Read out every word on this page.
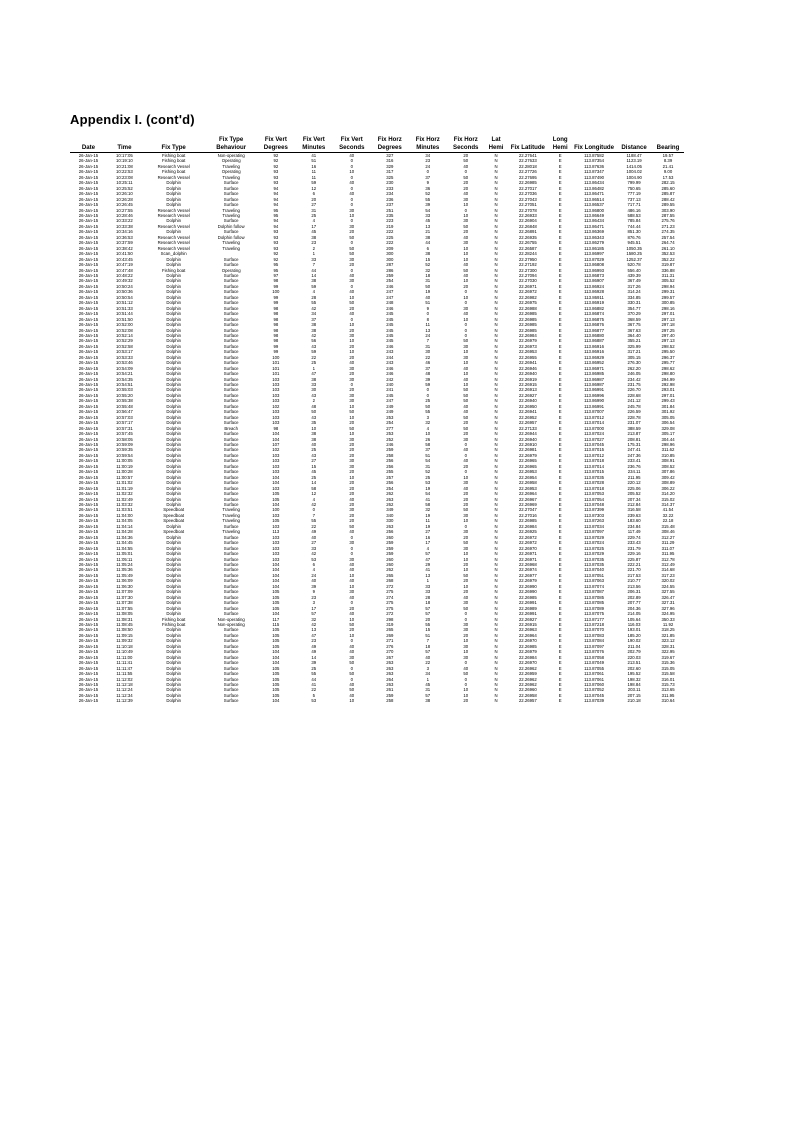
Appendix I. (cont'd)
Date	Time	Fix Type	Fix Type Behaviour	Fix Vert Degrees	Fix Vert Minutes	Fix Vert Seconds	Fix Horz Degrees	Fix Horz Minutes	Fix Horz Seconds	Lat Hemi	Fix Latitude	Long Hemi	Fix Longitude	Distance	Bearing
26-Jan-15	10:17:05	Fishing boat	Non-operating	92	41	40	327	34	20	N	22.27641	E	113.87582	1188.47	19.57
26-Jan-15	10:19:10	Fishing boat	Operating	92	51	0	316	23	50	N	22.27633	E	113.87354	1123.19	8.39
26-Jan-15	10:21:08	Research Vessel	Traveling	92	16	0	329	24	40	N	22.28018	E	113.87636	1414.05	21.41
26-Jan-15	10:22:53	Fishing boat	Operating	93	11	10	317	0	0	N	22.27726	E	113.87347	1004.02	9.00
26-Jan-15	10:23:08	Research Vessel	Traveling	93	11	0	325	37	50	N	22.27695	E	113.87490	1004.90	17.53
26-Jan-15	10:25:11	Dolphin	Surface	93	59	40	230	9	20	N	22.26985	E	113.86434	799.99	282.15
26-Jan-15	10:25:52	Dolphin	Surface	94	12	0	233	36	20	N	22.27017	E	113.86482	750.65	285.60
26-Jan-15	10:26:10	Dolphin	Surface	94	6	40	234	52	40	N	22.27036	E	113.86471	777.19	285.87
26-Jan-15	10:26:28	Dolphin	Surface	94	20	0	236	55	30	N	22.27043	E	113.86514	737.13	288.42
26-Jan-15	10:26:45	Dolphin	Surface	94	27	0	237	39	10	N	22.27051	E	113.86537	717.71	289.55
26-Jan-15	10:27:55	Research Vessel	Traveling	95	31	30	251	54	0	N	22.27078	E	113.86800	486.16	303.90
26-Jan-15	10:28:46	Research Vessel	Traveling	95	25	10	235	33	10	N	22.26933	E	113.86649	588.53	287.55
26-Jan-15	10:33:22	Dolphin	Surface	94	4	0	223	45	30	N	22.26904	E	113.86434	785.84	275.76
26-Jan-15	10:33:38	Research Vessel	Dolphin follow	94	17	30	219	13	50	N	22.26848	E	113.86471	744.44	271.23
26-Jan-15	10:34:16	Dolphin	Surface	93	45	20	222	21	20	N	22.26891	E	113.86369	851.30	274.35
26-Jan-15	10:36:53	Research Vessel	Dolphin follow	93	38	50	225	38	40	N	22.26935	E	113.86343	876.76	257.54
26-Jan-15	10:37:59	Research Vessel	Traveling	93	23	0	222	44	30	N	22.26755	E	113.86279	945.51	264.74
26-Jan-15	10:38:42	Research Vessel	Traveling	93	2	50	209	6	10	N	22.26587	E	113.86185	1050.35	261.10
26-Jan-15	10:41:50	Scan_dolphin		92	1	50	300	38	10	N	22.28244	E	113.86997	1580.25	352.53
26-Jan-15	10:43:45	Dolphin	Surface	92	33	30	300	15	10	N	22.27950	E	113.87029	1252.37	352.22
26-Jan-15	10:47:19	Dolphin	Surface	95	7	20	287	52	40	N	22.27192	E	113.86808	520.78	319.87
26-Jan-15	10:47:48	Fishing boat	Operating	95	44	0	286	32	50	N	22.27300	E	113.86993	556.40	336.88
26-Jan-15	10:48:22	Dolphin	Surface	97	14	40	259	18	40	N	22.27094	E	113.86873	439.39	311.31
26-Jan-15	10:49:32	Dolphin	Surface	98	38	30	254	31	10	N	22.27030	E	113.86907	367.49	305.52
26-Jan-15	10:50:24	Dolphin	Surface	99	59	0	246	50	20	N	22.26971	E	113.86924	317.26	298.94
26-Jan-15	10:50:36	Dolphin	Surface	100	4	40	247	19	0	N	22.26972	E	113.86928	314.24	299.31
26-Jan-15	10:50:54	Dolphin	Surface	99	28	10	247	40	10	N	22.26982	E	113.86911	334.85	299.57
26-Jan-15	10:51:12	Dolphin	Surface	99	55	50	248	51	0	N	22.26975	E	113.86919	330.31	300.85
26-Jan-15	10:51:33	Dolphin	Surface	98	42	20	246	9	30	N	22.26988	E	113.86882	354.77	298.16
26-Jan-15	10:51:44	Dolphin	Surface	98	34	40	245	0	40	N	22.26985	E	113.86874	370.29	297.01
26-Jan-15	10:51:50	Dolphin	Surface	98	37	0	245	8	10	N	22.26985	E	113.86875	368.59	297.13
26-Jan-15	10:52:00	Dolphin	Surface	98	38	10	245	11	0	N	22.26985	E	113.86876	367.75	297.18
26-Jan-15	10:52:08	Dolphin	Surface	98	38	20	245	13	0	N	22.26985	E	113.86877	367.63	297.25
26-Jan-15	10:52:14	Dolphin	Surface	98	42	30	245	24	0	N	22.26984	E	113.86880	364.40	297.40
26-Jan-15	10:52:29	Dolphin	Surface	98	56	10	245	7	50	N	22.26979	E	113.86887	355.21	297.13
26-Jan-15	10:52:58	Dolphin	Surface	99	43	20	246	31	30	N	22.26973	E	113.86916	325.99	298.52
26-Jan-15	10:53:17	Dolphin	Surface	99	59	10	243	30	10	N	22.26953	E	113.86916	317.21	295.50
26-Jan-15	10:53:33	Dolphin	Surface	100	22	20	244	22	30	N	22.26955	E	113.86929	305.15	296.37
26-Jan-15	10:53:46	Dolphin	Surface	101	25	40	243	46	10	N	22.26941	E	113.86952	276.30	295.77
26-Jan-15	10:54:09	Dolphin	Surface	101	1	30	246	37	40	N	22.26946	E	113.86971	262.20	298.62
26-Jan-15	10:54:21	Dolphin	Surface	101	47	20	246	48	10	N	22.26940	E	113.86985	246.05	298.80
26-Jan-15	10:54:35	Dolphin	Surface	103	38	30	242	39	40	N	22.26919	E	113.86987	234.42	294.99
26-Jan-15	10:54:51	Dolphin	Surface	103	33	0	240	59	10	N	22.26915	E	113.86987	231.75	292.98
26-Jan-15	10:55:03	Dolphin	Surface	103	30	20	241	0	50	N	22.26913	E	113.86991	226.70	293.01
26-Jan-15	10:55:20	Dolphin	Surface	103	43	30	245	0	50	N	22.26927	E	113.86996	228.68	297.01
26-Jan-15	10:55:38	Dolphin	Surface	103	2	30	247	25	50	N	22.26940	E	113.86990	241.12	299.43
26-Jan-15	10:55:48	Dolphin	Surface	102	48	10	249	50	40	N	22.26950	E	113.86991	245.78	301.84
26-Jan-15	10:56:47	Dolphin	Surface	103	50	50	249	55	40	N	22.26941	E	113.87007	226.59	301.92
26-Jan-15	10:57:03	Dolphin	Surface	103	43	10	253	3	50	N	22.26952	E	113.87012	228.78	305.05
26-Jan-15	10:57:17	Dolphin	Surface	103	35	20	254	32	20	N	22.26957	E	113.87014	231.07	306.54
26-Jan-15	10:57:31	Dolphin	Breach	98	10	50	277	4	50	N	22.27133	E	113.87000	388.59	329.08
26-Jan-15	10:57:45	Dolphin	Surface	104	38	10	253	10	20	N	22.26944	E	113.87024	213.87	305.17
26-Jan-15	10:58:05	Dolphin	Surface	104	38	30	252	26	30	N	22.26940	E	113.87027	208.81	304.44
26-Jan-15	10:59:09	Dolphin	Surface	107	40	20	246	58	0	N	22.26910	E	113.87045	175.31	298.96
26-Jan-15	10:59:35	Dolphin	Surface	102	25	20	259	37	40	N	22.26981	E	113.87015	247.41	311.62
26-Jan-15	10:59:54	Dolphin	Surface	103	43	20	258	51	0	N	22.26979	E	113.87012	247.36	310.85
26-Jan-15	11:00:05	Dolphin	Surface	103	27	30	256	54	40	N	22.26965	E	113.87018	233.41	308.91
26-Jan-15	11:00:19	Dolphin	Surface	103	15	30	256	31	20	N	22.26965	E	113.87014	236.76	308.52
26-Jan-15	11:00:28	Dolphin	Surface	103	45	20	255	52	0	N	22.26953	E	113.87015	234.11	307.86
26-Jan-15	11:00:57	Dolphin	Surface	104	25	10	257	25	10	N	22.26954	E	113.87035	211.95	309.42
26-Jan-15	11:01:02	Dolphin	Surface	104	14	20	256	53	30	N	22.26958	E	113.87028	220.12	308.89
26-Jan-15	11:01:19	Dolphin	Surface	103	58	20	254	19	40	N	22.26953	E	113.87018	225.06	306.22
26-Jan-15	11:02:32	Dolphin	Surface	105	12	20	262	54	20	N	22.26964	E	113.87053	205.52	314.20
26-Jan-15	11:02:49	Dolphin	Surface	105	4	40	263	41	20	N	22.26967	E	113.87054	207.34	315.02
26-Jan-15	11:03:32	Dolphin	Surface	104	42	20	262	58	20	N	22.26969	E	113.87048	212.84	314.37
26-Jan-15	11:03:51	Speedboat	Traveling	100	0	30	349	32	50	N	22.27047	E	113.87399	316.58	41.54
26-Jan-15	11:04:00	Speedboat	Traveling	103	7	20	340	19	30	N	22.27016	E	113.87303	239.63	32.22
26-Jan-15	11:04:05	Speedboat	Traveling	105	55	20	330	11	10	N	22.26985	E	113.87263	183.60	22.18
26-Jan-15	11:04:14	Dolphin	Surface	103	22	50	263	19	0	N	22.26984	E	113.87034	234.84	315.48
26-Jan-15	11:04:28	Speedboat	Traveling	113	49	40	256	27	30	N	22.26925	E	113.87097	117.49	308.46
26-Jan-15	11:04:36	Dolphin	Surface	103	40	0	260	16	20	N	22.26972	E	113.87029	229.74	312.27
26-Jan-15	11:04:45	Dolphin	Surface	103	27	30	259	17	50	N	22.26972	E	113.87024	233.43	311.29
26-Jan-15	11:04:55	Dolphin	Surface	103	33	0	259	4	30	N	22.26970	E	113.87025	231.79	311.07
26-Jan-15	11:05:01	Dolphin	Surface	103	42	0	259	57	10	N	22.26971	E	113.87029	229.16	311.95
26-Jan-15	11:05:11	Dolphin	Surface	103	53	30	260	47	10	N	22.26971	E	113.87035	225.87	312.78
26-Jan-15	11:05:24	Dolphin	Surface	104	6	40	260	29	20	N	22.26968	E	113.87035	222.21	312.49
26-Jan-15	11:05:36	Dolphin	Surface	104	4	40	262	41	10	N	22.26974	E	113.87040	221.70	314.68
26-Jan-15	11:05:49	Dolphin	Surface	104	24	10	265	13	50	N	22.26977	E	113.87051	217.53	317.23
26-Jan-15	11:06:09	Dolphin	Surface	104	40	40	268	1	20	N	22.26979	E	113.87063	210.77	320.02
26-Jan-15	11:06:30	Dolphin	Surface	104	39	10	272	33	10	N	22.26990	E	113.87074	213.56	324.55
26-Jan-15	11:07:09	Dolphin	Surface	105	9	30	275	33	20	N	22.26990	E	113.87087	206.31	327.55
26-Jan-15	11:07:30	Dolphin	Surface	105	23	40	274	28	40	N	22.26985	E	113.87085	202.89	326.47
26-Jan-15	11:07:38	Dolphin	Surface	105	3	0	275	18	30	N	22.26991	E	113.87085	207.77	327.31
26-Jan-15	11:07:55	Dolphin	Surface	105	17	20	275	57	50	N	22.26989	E	113.87089	204.36	327.96
26-Jan-15	11:08:05	Dolphin	Surface	104	57	40	272	57	0	N	22.26991	E	113.87075	214.05	324.95
26-Jan-15	11:08:31	Fishing boat	Non-operating	117	32	10	298	20	0	N	22.26927	E	113.87177	105.64	350.33
26-Jan-15	11:08:45	Fishing boat	Non-operating	115	42	50	319	55	30	N	22.26915	E	113.87218	116.03	11.92
26-Jan-15	11:08:50	Dolphin	Surface	105	13	20	265	15	30	N	22.26963	E	113.87070	193.01	318.25
26-Jan-15	11:09:15	Dolphin	Surface	105	47	10	269	51	20	N	22.26964	E	113.87083	185.20	321.85
26-Jan-15	11:09:32	Dolphin	Surface	105	23	0	271	7	10	N	22.26970	E	113.87084	190.02	323.12
26-Jan-15	11:10:18	Dolphin	Surface	105	49	40	276	18	30	N	22.26985	E	113.87097	211.04	328.31
26-Jan-15	11:10:49	Dolphin	Surface	104	49	40	270	57	10	N	22.26979	E	113.87076	202.79	322.95
26-Jan-15	11:11:00	Dolphin	Surface	104	14	30	267	40	30	N	22.26984	E	113.87058	220.03	319.67
26-Jan-15	11:11:41	Dolphin	Surface	104	39	50	263	22	0	N	22.26970	E	113.87049	213.51	315.36
26-Jan-15	11:11:47	Dolphin	Surface	105	25	0	263	3	40	N	22.26962	E	113.87055	202.60	315.05
26-Jan-15	11:11:55	Dolphin	Surface	105	55	50	263	34	50	N	22.26959	E	113.87061	195.52	315.58
26-Jan-15	11:12:02	Dolphin	Surface	105	44	0	264	1	0	N	22.26962	E	113.87061	198.32	316.01
26-Jan-15	11:12:18	Dolphin	Surface	105	41	40	263	45	0	N	22.26962	E	113.87060	198.84	315.73
26-Jan-15	11:12:24	Dolphin	Surface	105	22	50	261	31	10	N	22.26960	E	113.87052	203.11	313.65
26-Jan-15	11:12:34	Dolphin	Surface	105	5	40	259	57	10	N	22.26958	E	113.87045	207.15	311.95
26-Jan-15	11:12:39	Dolphin	Surface	104	53	10	258	38	20	N	22.26957	E	113.87039	210.18	310.64
